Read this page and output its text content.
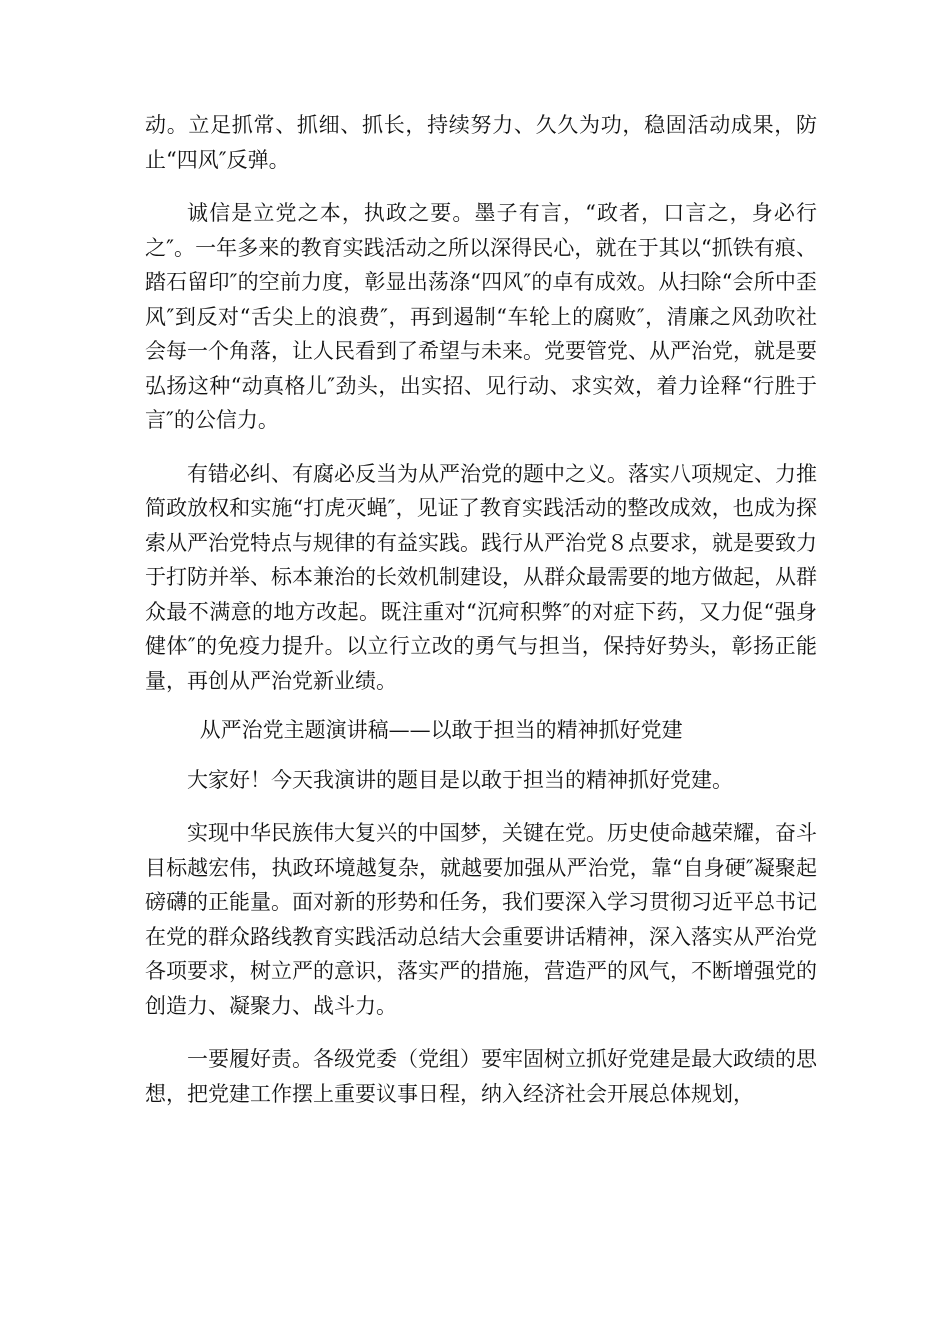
动。立足抓常、抓细、抓长，持续努力、久久为功，稳固活动成果，防止“四风″反弹。

诚信是立党之本，执政之要。墨子有言，“政者，口言之，身必行之″。一年多来的教育实践活动之所以深得民心，就在于其以“抓铁有痕、踏石留印″的空前力度，彰显出荡涤“四风″的卓有成效。从扫除“会所中歪风″到反对“舌尖上的浪费″，再到遏制“车轮上的腐败″，清廉之风劲吹社会每一个角落，让人民看到了希望与未来。党要管党、从严治党，就是要弘扬这种“动真格儿″劲头，出实招、见行动、求实效，着力诠释“行胜于言″的公信力。

有错必纠、有腐必反当为从严治党的题中之义。落实八项规定、力推简政放权和实施“打虎灭蝇″，见证了教育实践活动的整改成效，也成为探索从严治党特点与规律的有益实践。践行从严治党８点要求，就是要致力于打防并举、标本兼治的长效机制建设，从群众最需要的地方做起，从群众最不满意的地方改起。既注重对“沉疴积弊″的对症下药，又力促“强身健体″的免疫力提升。以立行立改的勇气与担当，保持好势头，彰扬正能量，再创从严治党新业绩。

从严治党主题演讲稿——以敢于担当的精神抓好党建

大家好！今天我演讲的题目是以敢于担当的精神抓好党建。

实现中华民族伟大复兴的中国梦，关键在党。历史使命越荣耀，奋斗目标越宏伟，执政环境越复杂，就越要加强从严治党，靠“自身硬″凝聚起磅礴的正能量。面对新的形势和任务，我们要深入学习贯彻习近平总书记在党的群众路线教育实践活动总结大会重要讲话精神，深入落实从严治党各项要求，树立严的意识，落实严的措施，营造严的风气，不断增强党的创造力、凝聚力、战斗力。

一要履好责。各级党委（党组）要牢固树立抓好党建是最大政绩的思想，把党建工作摆上重要议事日程，纳入经济社会开展总体规划，
